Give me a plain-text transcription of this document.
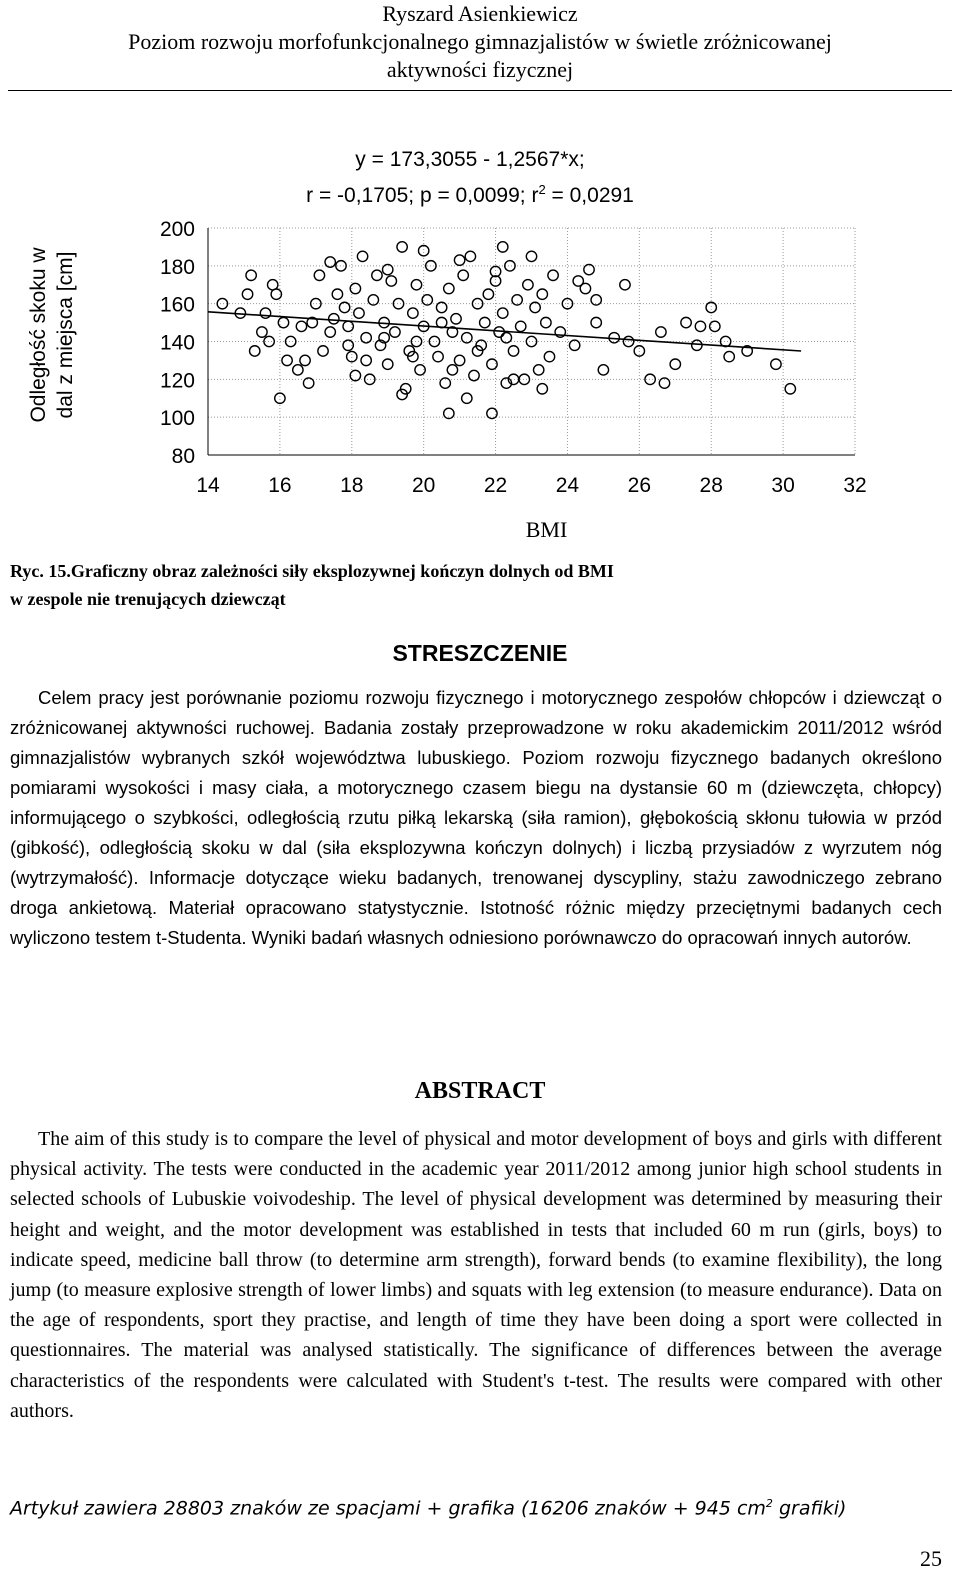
Ryszard Asienkiewicz
Poziom rozwoju morfofunkcjonalnego gimnazjalistów w świetle zróżnicowanej
aktywności fizycznej
y = 173,3055 - 1,2567*x;
r = -0,1705; p = 0,0099; $r^2 = 0,0291$
Odległość skoku w dal z miejsca [cm]
80
100
120
140
160
180
200
14 16 18 20 22 24 26 28 30 32
BMI
Ryc. 15.Graficzny obraz zależności siły eksplozywnej kończyn dolnych od BMI
w zespole nie trenujących dziewcząt
STRESZCZENIE
Celem pracy jest porównanie poziomu rozwoju fizycznego i motorycznego zespołów chłopców i dziewcząt o zróżnicowanej aktywności ruchowej. Badania zostały przeprowadzone w roku akademickim 2011/2012 wśród gimnazjalistów wybranych szkół województwa lubuskiego. Poziom rozwoju fizycznego badanych określono pomiarami wysokości i masy ciała, a motorycznego czasem biegu na dystansie 60 m (dziewczęta, chłopcy) informującego o szybkości, odległością rzutu piłką lekarską (siła ramion), głębokością skłonu tułowia w przód (gibkość), odległością skoku w dal (siła eksplozywna kończyn dolnych) i liczbą przysiadów z wyrzutem nóg (wytrzymałość). Informacje dotyczące wieku badanych, trenowanej dyscypliny, stażu zawodniczego zebrano droga ankietową. Materiał opracowano statystycznie. Istotność różnic między przeciętnymi badanych cech wyliczono testem t-Studenta. Wyniki badań własnych odniesiono porównawczo do opracowań innych autorów.
ABSTRACT
The aim of this study is to compare the level of physical and motor development of boys and girls with different physical activity. The tests were conducted in the academic year 2011/2012 among junior high school students in selected schools of Lubuskie voivodeship. The level of physical development was determined by measuring their height and weight, and the motor development was established in tests that included 60 m run (girls, boys) to indicate speed, medicine ball throw (to determine arm strength), forward bends (to examine flexibility), the long jump (to measure explosive strength of lower limbs) and squats with leg extension (to measure endurance). Data on the age of respondents, sport they practise, and length of time they have been doing a sport were collected in questionnaires. The material was analysed statistically. The significance of differences between the average characteristics of the respondents were calculated with Student's t-test. The results were compared with other authors.
Artykuł zawiera 28803 znaków ze spacjami + grafika (16206 znaków + 945 $cm^2$ grafiki)
25
